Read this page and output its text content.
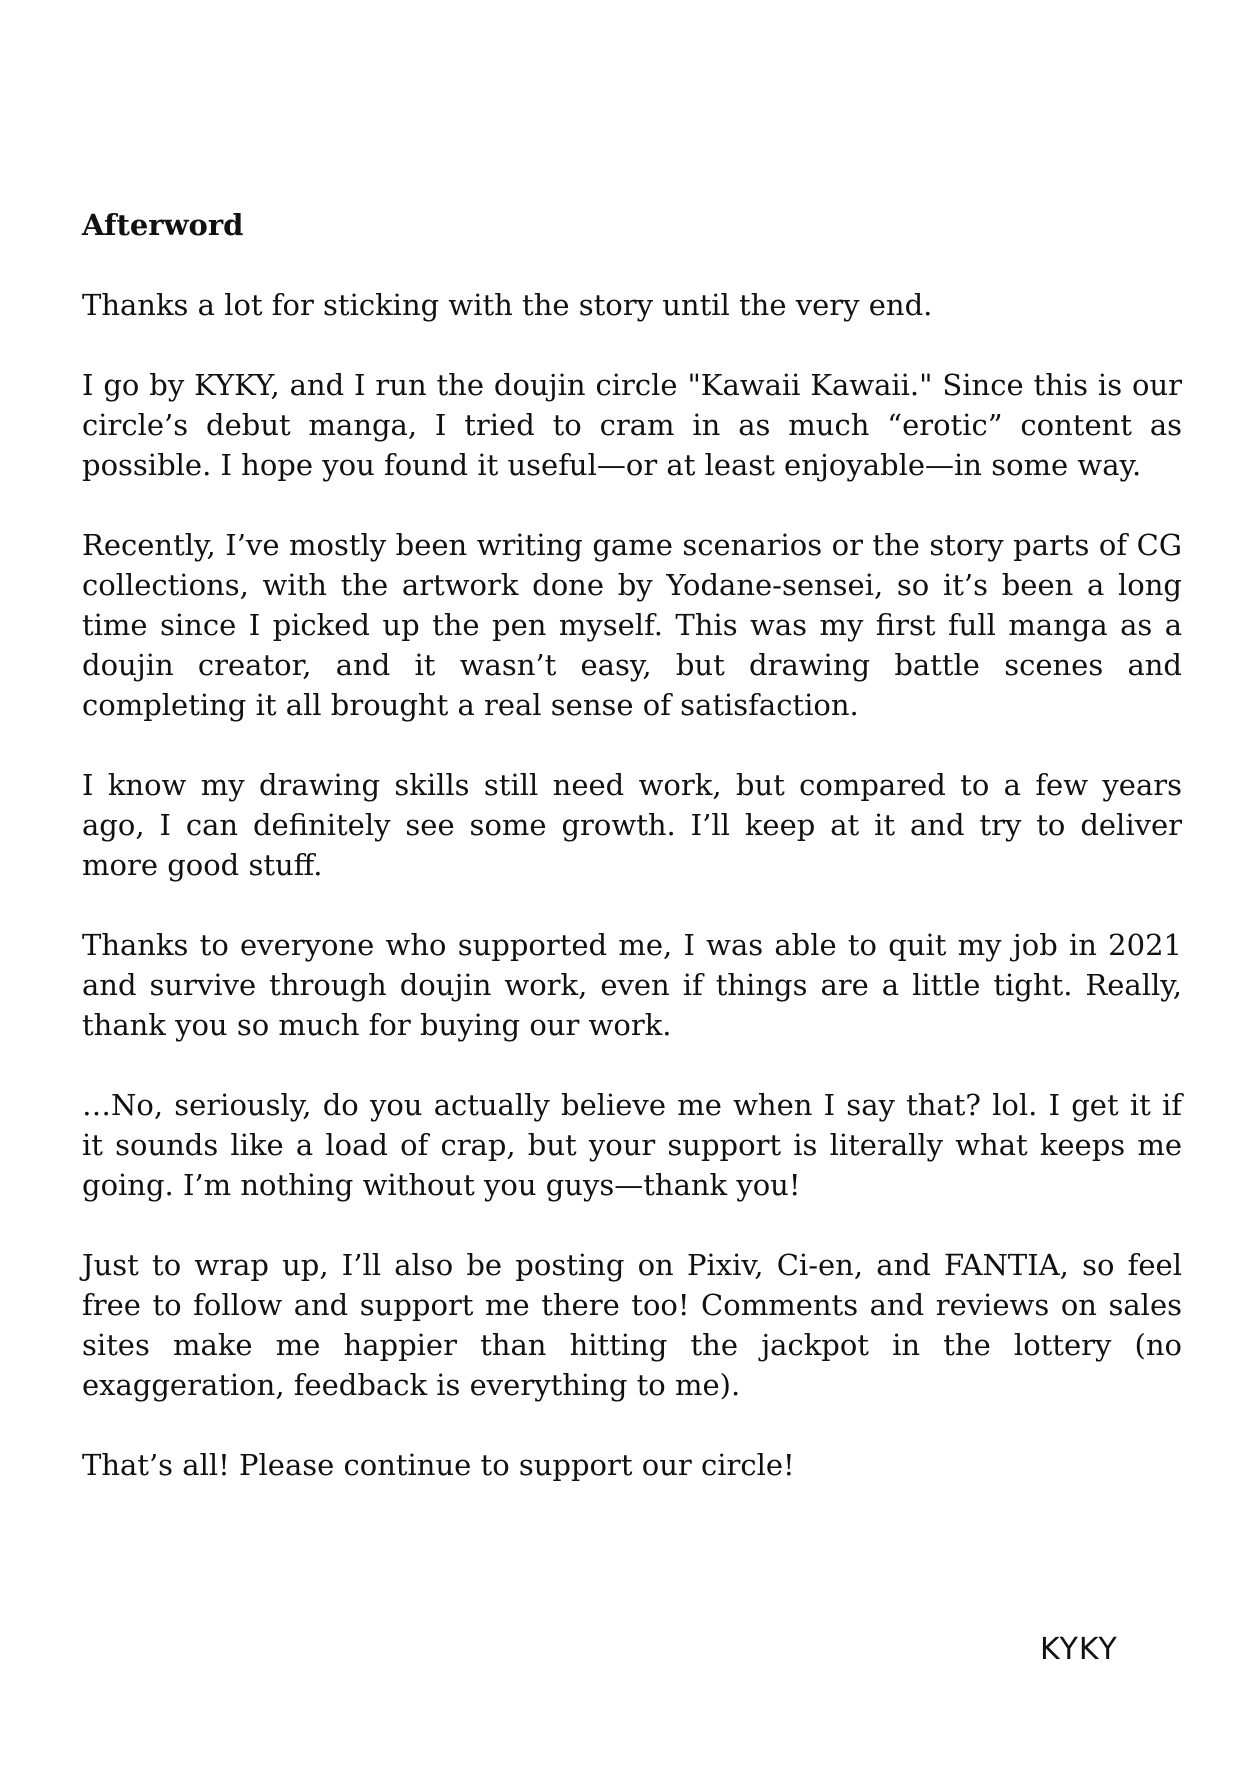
Afterword

Thanks a lot for sticking with the story until the very end.

I go by KYKY, and I run the doujin circle "Kawaii Kawaii." Since this is our circle’s debut manga, I tried to cram in as much “erotic” content as possible. I hope you found it useful—or at least enjoyable—in some way.

Recently, I’ve mostly been writing game scenarios or the story parts of CG collections, with the artwork done by Yodane-sensei, so it’s been a long time since I picked up the pen myself. This was my first full manga as a doujin creator, and it wasn’t easy, but drawing battle scenes and completing it all brought a real sense of satisfaction.

I know my drawing skills still need work, but compared to a few years ago, I can definitely see some growth. I’ll keep at it and try to deliver more good stuff.

Thanks to everyone who supported me, I was able to quit my job in 2021 and survive through doujin work, even if things are a little tight. Really, thank you so much for buying our work.

…No, seriously, do you actually believe me when I say that? lol. I get it if it sounds like a load of crap, but your support is literally what keeps me going. I’m nothing without you guys—thank you!

Just to wrap up, I’ll also be posting on Pixiv, Ci-en, and FANTIA, so feel free to follow and support me there too! Comments and reviews on sales sites make me happier than hitting the jackpot in the lottery (no exaggeration, feedback is everything to me).

That’s all! Please continue to support our circle!

KYKY
